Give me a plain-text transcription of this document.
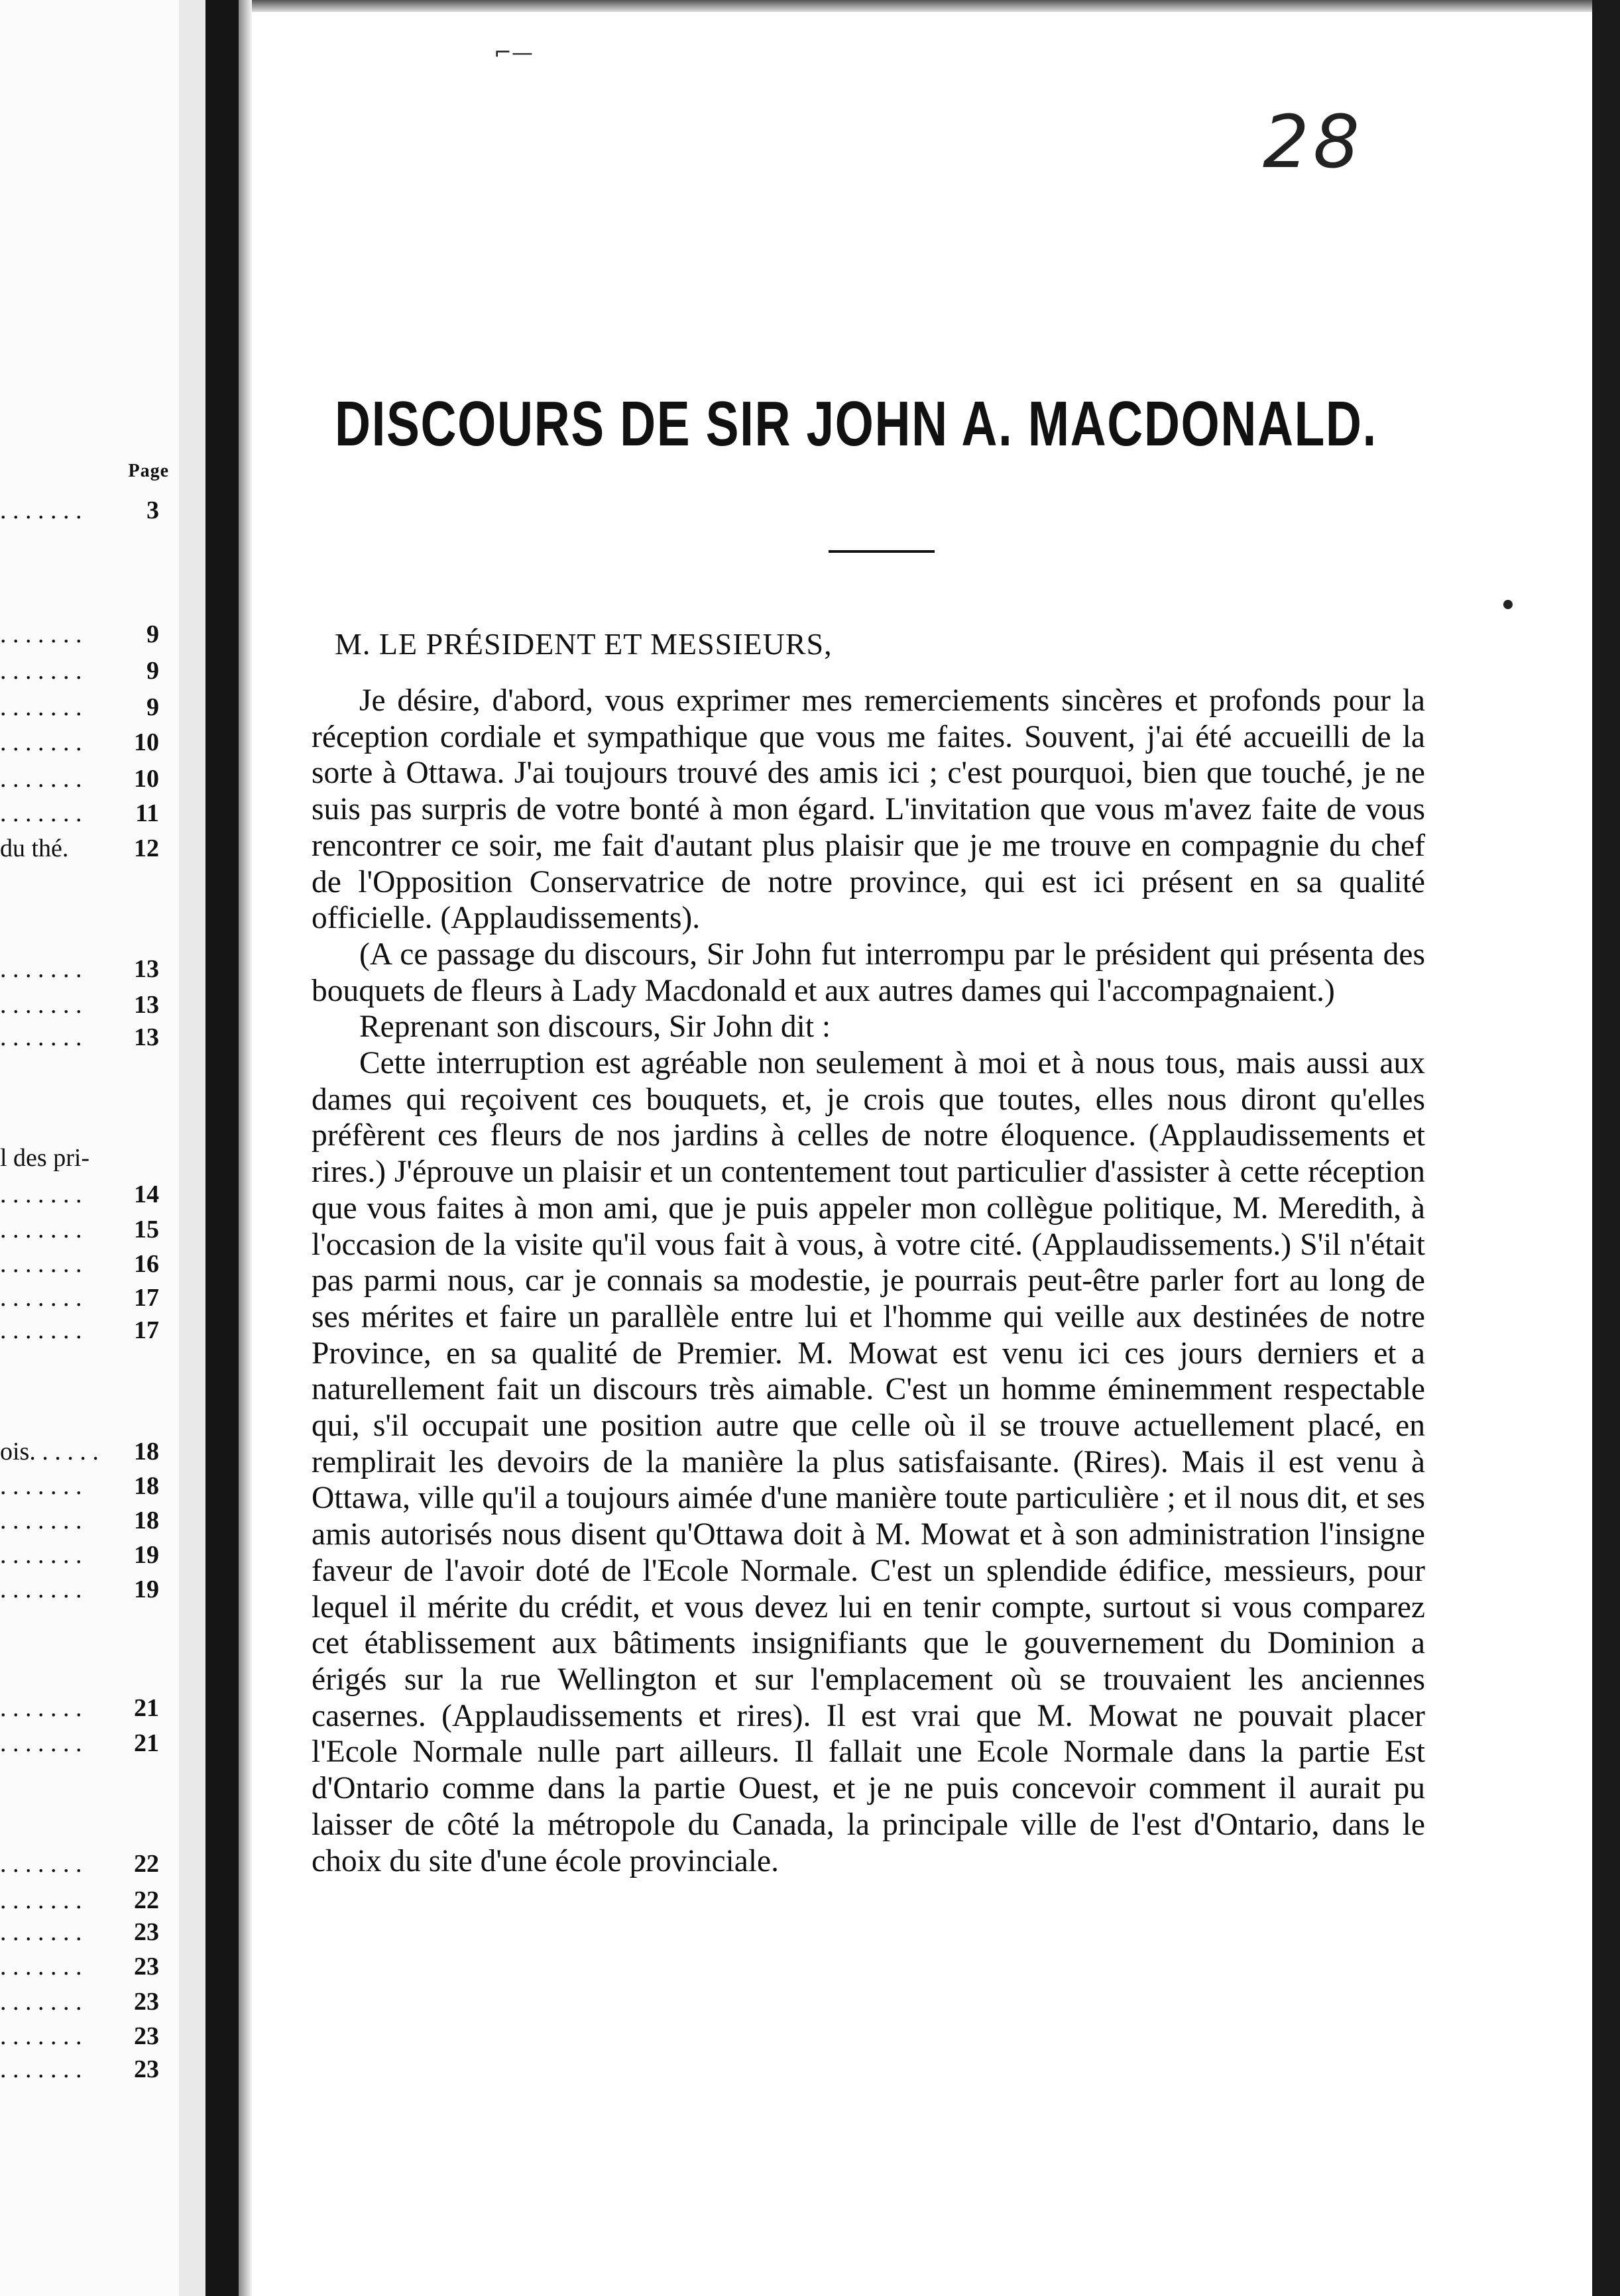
Page
. . . . . . .	3
. . . . . . .	9
. . . . . . .	9
. . . . . . .	9
. . . . . . . 10
. . . . . . . 10
. . . . . . . 11
du thé.	12
. . . . . . . 13
. . . . . . . 13
. . . . . . . 13
l des pri-
. . . . . . . 14
. . . . . . . 15
. . . . . . . 16
. . . . . . . 17
. . . . . . . 17
ois. . . . . . 18
. . . . . . . 18
. . . . . . . 18
. . . . . . . 19
. . . . . . . 19
. . . . . . . 21
. . . . . . . 21
. . . . . . . 22
. . . . . . . 22
. . . . . . . 23
. . . . . . . 23
. . . . . . . 23
. . . . . . . 23
. . . . . . . 23
⌐—
28
DISCOURS DE SIR JOHN A. MACDONALD.
M. LE PRÉSIDENT ET MESSIEURS,

Je désire, d'abord, vous exprimer mes remerciements sincères et profonds pour la réception cordiale et sympathique que vous me faites. Souvent, j'ai été accueilli de la sorte à Ottawa. J'ai toujours trouvé des amis ici ; c'est pourquoi, bien que touché, je ne suis pas surpris de votre bonté à mon égard. L'invitation que vous m'avez faite de vous rencontrer ce soir, me fait d'autant plus plaisir que je me trouve en compagnie du chef de l'Opposition Conservatrice de notre province, qui est ici présent en sa qualité officielle. (Applaudissements).

(A ce passage du discours, Sir John fut interrompu par le président qui présenta des bouquets de fleurs à Lady Macdonald et aux autres dames qui l'accompagnaient.)

Reprenant son discours, Sir John dit :

Cette interruption est agréable non seulement à moi et à nous tous, mais aussi aux dames qui reçoivent ces bouquets, et, je crois que toutes, elles nous diront qu'elles préfèrent ces fleurs de nos jardins à celles de notre éloquence. (Applaudissements et rires.) J'éprouve un plaisir et un contentement tout particulier d'assister à cette réception que vous faites à mon ami, que je puis appeler mon collègue politique, M. Meredith, à l'occasion de la visite qu'il vous fait à vous, à votre cité. (Applaudissements.) S'il n'était pas parmi nous, car je connais sa modestie, je pourrais peut-être parler fort au long de ses mérites et faire un parallèle entre lui et l'homme qui veille aux destinées de notre Province, en sa qualité de Premier. M. Mowat est venu ici ces jours derniers et a naturellement fait un discours très aimable. C'est un homme éminemment respectable qui, s'il occupait une position autre que celle où il se trouve actuellement placé, en remplirait les devoirs de la manière la plus satisfaisante. (Rires). Mais il est venu à Ottawa, ville qu'il a toujours aimée d'une manière toute particulière ; et il nous dit, et ses amis autorisés nous disent qu'Ottawa doit à M. Mowat et à son administration l'insigne faveur de l'avoir doté de l'Ecole Normale. C'est un splendide édifice, messieurs, pour lequel il mérite du crédit, et vous devez lui en tenir compte, surtout si vous comparez cet établissement aux bâtiments insignifiants que le gouvernement du Dominion a érigés sur la rue Wellington et sur l'emplacement où se trouvaient les anciennes casernes. (Applaudissements et rires). Il est vrai que M. Mowat ne pouvait placer l'Ecole Normale nulle part ailleurs. Il fallait une Ecole Normale dans la partie Est d'Ontario comme dans la partie Ouest, et je ne puis concevoir comment il aurait pu laisser de côté la métropole du Canada, la principale ville de l'est d'Ontario, dans le choix du site d'une école provinciale.
